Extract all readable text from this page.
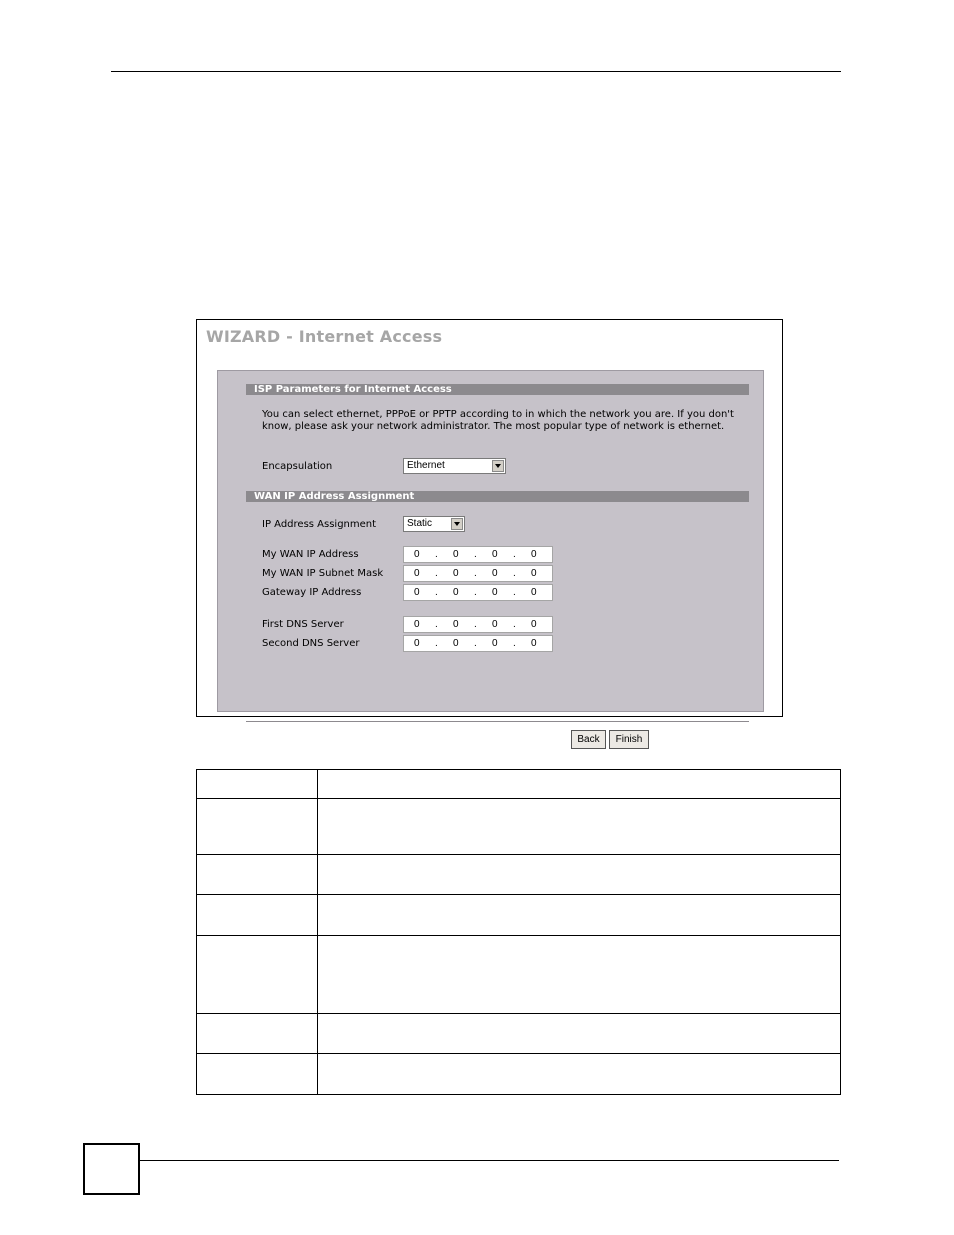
WIZARD - Internet Access
ISP Parameters for Internet Access

You can select ethernet, PPPoE or PPTP according to in which the network you are. If you don't know, please ask your network administrator. The most popular type of network is ethernet.

Encapsulation	Ethernet
WAN IP Address Assignment
IP Address Assignment	Static
My WAN IP Address	0 . 0 . 0 . 0
My WAN IP Subnet Mask	0 . 0 . 0 . 0
Gateway IP Address	0 . 0 . 0 . 0
First DNS Server	0 . 0 . 0 . 0
Second DNS Server	0 . 0 . 0 . 0
Back	Finish
